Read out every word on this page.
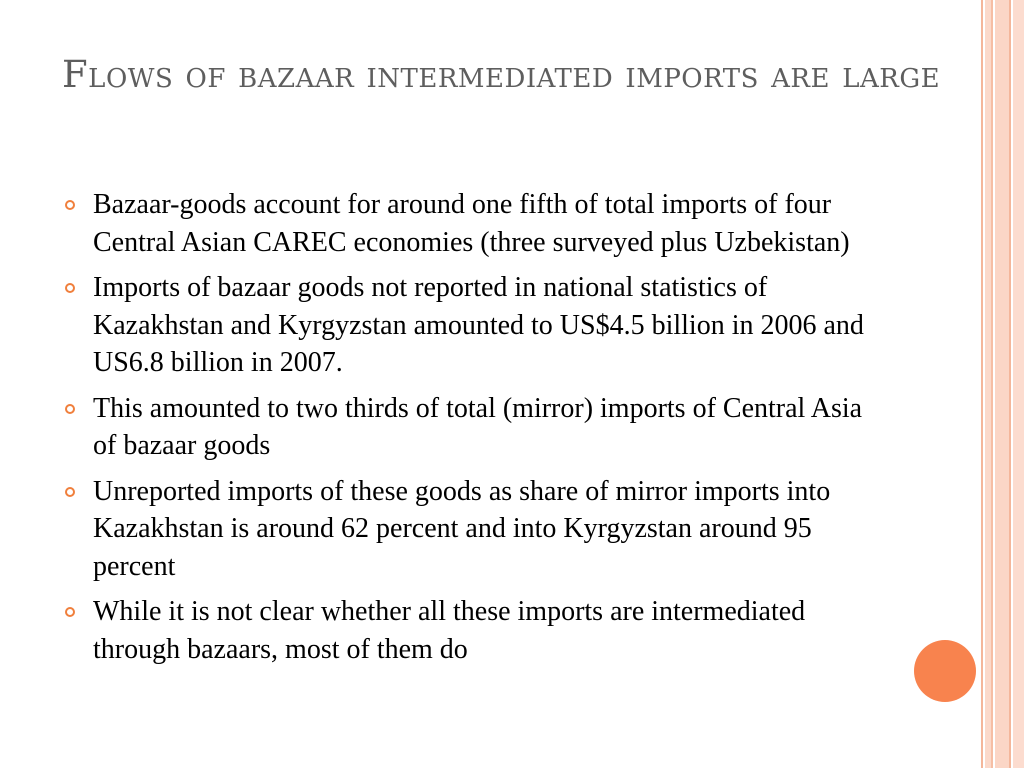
Flows of bazaar intermediated imports are large
Bazaar-goods account for around one fifth of total imports of four Central Asian CAREC economies (three surveyed plus Uzbekistan)
Imports of bazaar goods not reported in national statistics of Kazakhstan and Kyrgyzstan amounted to US$4.5 billion in 2006 and US6.8 billion in 2007.
This amounted to two thirds of total (mirror) imports of Central Asia of bazaar goods
Unreported imports of these goods as share of mirror imports into Kazakhstan is around 62 percent and into Kyrgyzstan around 95 percent
While it is not clear whether all these imports are intermediated through bazaars, most of them do
